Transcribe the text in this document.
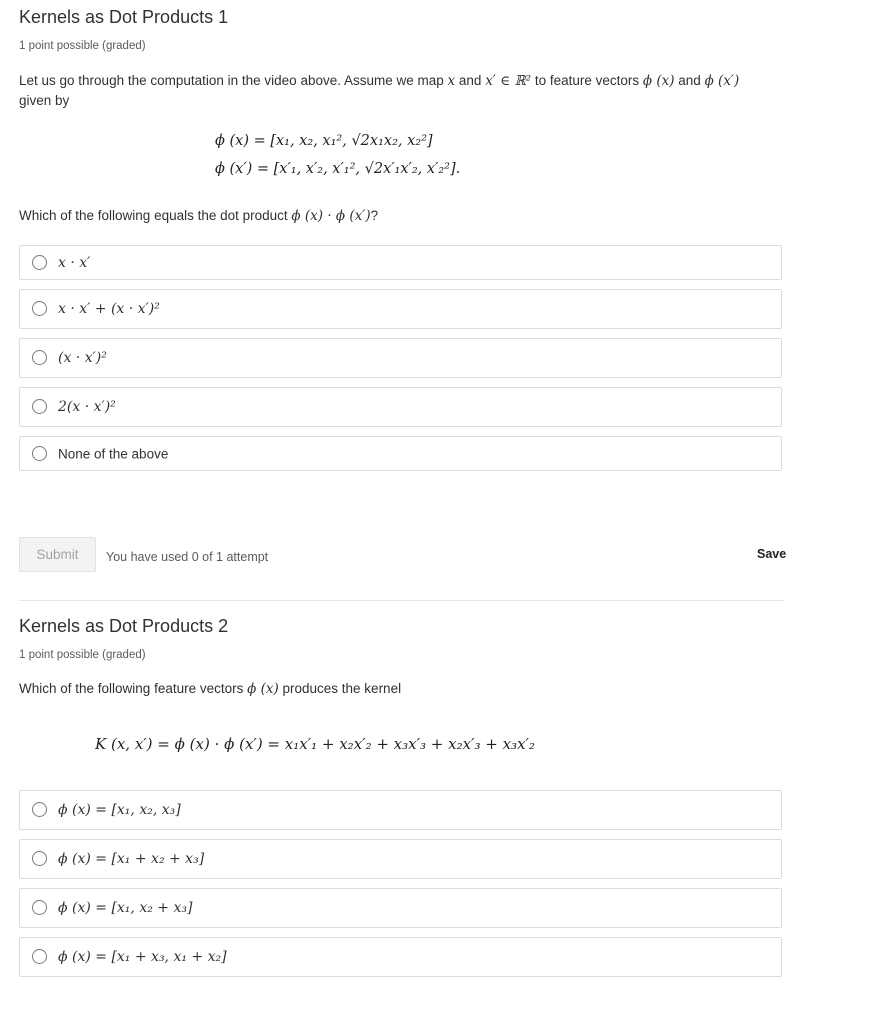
Kernels as Dot Products 1
1 point possible (graded)
Let us go through the computation in the video above. Assume we map x and x′ ∈ ℝ² to feature vectors ϕ (x) and ϕ (x′)
given by
ϕ (x) = [x₁, x₂, x₁², √2x₁x₂, x₂²]
ϕ (x′) = [x′₁, x′₂, x′₁², √2x′₁x′₂, x′₂²].
Which of the following equals the dot product ϕ (x) · ϕ (x′)?
x · x′
x · x′ + (x · x′)²
(x · x′)²
2(x · x′)²
None of the above
Submit	You have used 0 of 1 attempt	Save
Kernels as Dot Products 2
1 point possible (graded)
Which of the following feature vectors ϕ (x) produces the kernel
K (x, x′) = ϕ (x) · ϕ (x′) = x₁x′₁ + x₂x′₂ + x₃x′₃ + x₂x′₃ + x₃x′₂
ϕ (x) = [x₁, x₂, x₃]
ϕ (x) = [x₁ + x₂ + x₃]
ϕ (x) = [x₁, x₂ + x₃]
ϕ (x) = [x₁ + x₃, x₁ + x₂]
